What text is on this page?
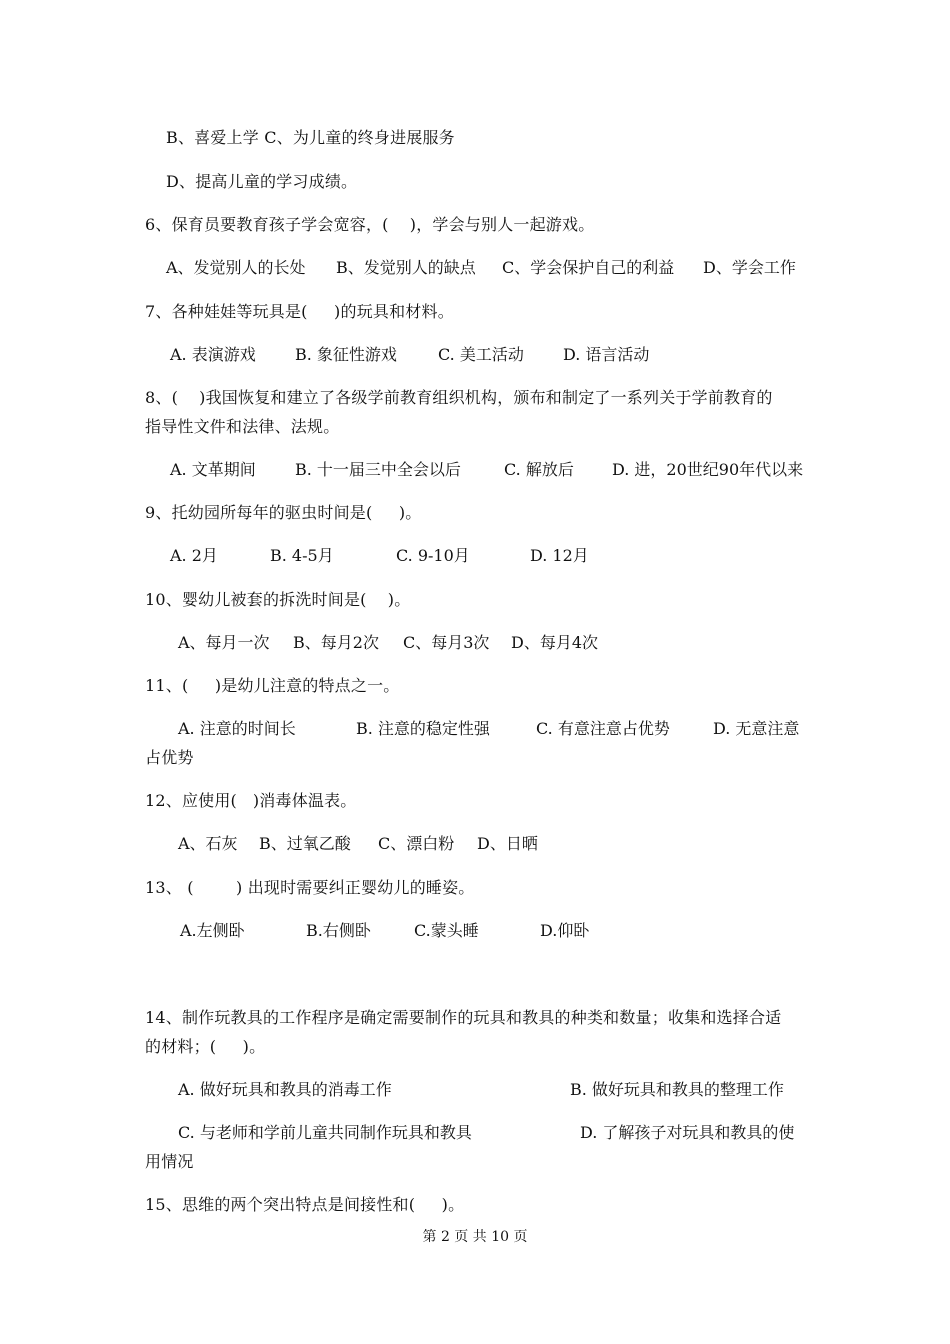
B、喜爱上学 C、为儿童的终身进展服务
D、提高儿童的学习成绩。
6、保育员要教育孩子学会宽容，(    )，学会与别人一起游戏。
A、发觉别人的长处 B、发觉别人的缺点 C、学会保护自己的利益 D、学会工作
7、各种娃娃等玩具是(     )的玩具和材料。
A. 表演游戏 B. 象征性游戏	C. 美工活动 D. 语言活动
8、(    )我国恢复和建立了各级学前教育组织机构，颁布和制定了一系列关于学前教育的
指导性文件和法律、法规。
A. 文革期间 B. 十一届三中全会以后	C. 解放后 D. 进，20世纪90年代以来
9、托幼园所每年的驱虫时间是(     )。
A. 2月	B. 4-5月	C. 9-10月	D. 12月
10、婴幼儿被套的拆洗时间是(    )。
A、每月一次 B、每月2次 C、每月3次 D、每月4次
11、(     )是幼儿注意的特点之一。
A. 注意的时间长	B. 注意的稳定性强	C. 有意注意占优势	D. 无意注意
占优势
12、应使用(   )消毒体温表。
A、石灰 B、过氧乙酸 C、漂白粉 D、日晒
13、 (        ) 出现时需要纠正婴幼儿的睡姿。
A.左侧卧	B.右侧卧	C.蒙头睡	D.仰卧
14、制作玩教具的工作程序是确定需要制作的玩具和教具的种类和数量；收集和选择合适
的材料；(     )。
A. 做好玩具和教具的消毒工作	B. 做好玩具和教具的整理工作
C. 与老师和学前儿童共同制作玩具和教具	D. 了解孩子对玩具和教具的使
用情况
15、思维的两个突出特点是间接性和(     )。
第 2 页 共 10 页
